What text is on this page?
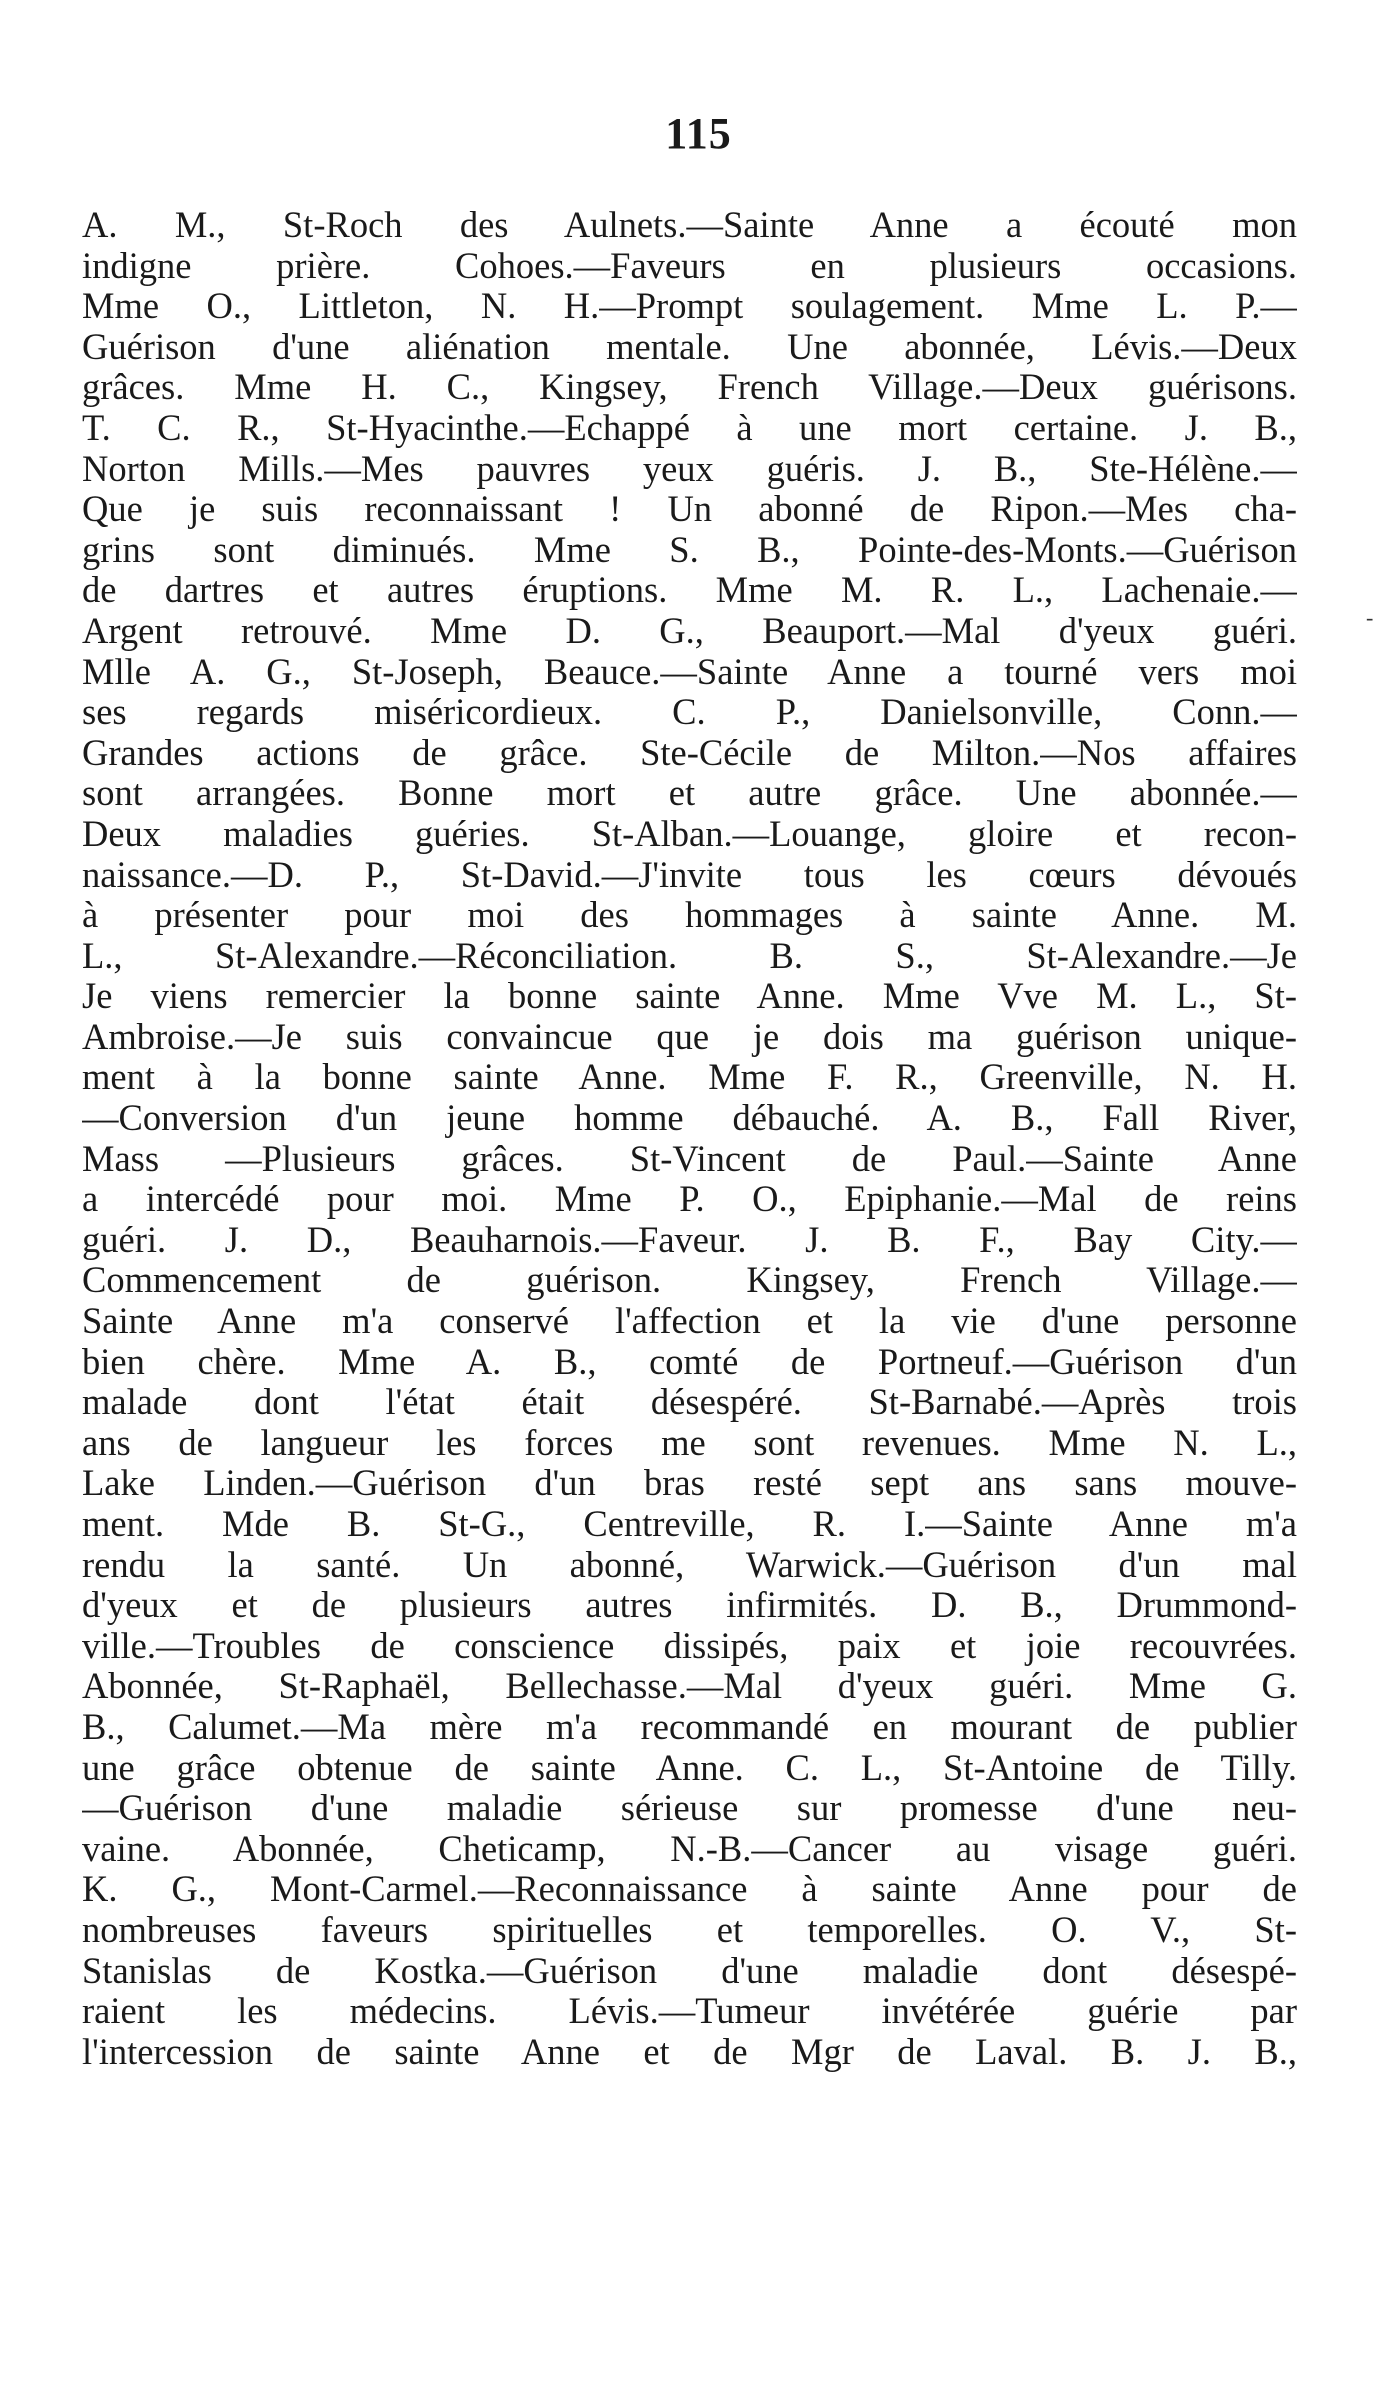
115
-
A. M., St-Roch des Aulnets.—Sainte Anne a écouté mon
indigne prière. Cohoes.—Faveurs en plusieurs occasions.
Mme O., Littleton, N. H.—Prompt soulagement. Mme L. P.—
Guérison d'une aliénation mentale. Une abonnée, Lévis.—Deux
grâces. Mme H. C., Kingsey, French Village.—Deux guérisons.
T. C. R., St-Hyacinthe.—Echappé à une mort certaine. J. B.,
Norton Mills.—Mes pauvres yeux guéris. J. B., Ste-Hélène.—
Que je suis reconnaissant ! Un abonné de Ripon.—Mes cha-
grins sont diminués. Mme S. B., Pointe-des-Monts.—Guérison
de dartres et autres éruptions. Mme M. R. L., Lachenaie.—
Argent retrouvé. Mme D. G., Beauport.—Mal d'yeux guéri.
Mlle A. G., St-Joseph, Beauce.—Sainte Anne a tourné vers moi
ses regards miséricordieux. C. P., Danielsonville, Conn.—
Grandes actions de grâce. Ste-Cécile de Milton.—Nos affaires
sont arrangées. Bonne mort et autre grâce. Une abonnée.—
Deux maladies guéries. St-Alban.—Louange, gloire et recon-
naissance.—D. P., St-David.—J'invite tous les cœurs dévoués
à présenter pour moi des hommages à sainte Anne. M.
L., St-Alexandre.—Réconciliation. B. S., St-Alexandre.—Je
Je viens remercier la bonne sainte Anne. Mme Vve M. L., St-
Ambroise.—Je suis convaincue que je dois ma guérison unique-
ment à la bonne sainte Anne. Mme F. R., Greenville, N. H.
—Conversion d'un jeune homme débauché. A. B., Fall River,
Mass —Plusieurs grâces. St-Vincent de Paul.—Sainte Anne
a intercédé pour moi. Mme P. O., Epiphanie.—Mal de reins
guéri. J. D., Beauharnois.—Faveur. J. B. F., Bay City.—
Commencement de guérison. Kingsey, French Village.—
Sainte Anne m'a conservé l'affection et la vie d'une personne
bien chère. Mme A. B., comté de Portneuf.—Guérison d'un
malade dont l'état était désespéré. St-Barnabé.—Après trois
ans de langueur les forces me sont revenues. Mme N. L.,
Lake Linden.—Guérison d'un bras resté sept ans sans mouve-
ment. Mde B. St-G., Centreville, R. I.—Sainte Anne m'a
rendu la santé. Un abonné, Warwick.—Guérison d'un mal
d'yeux et de plusieurs autres infirmités. D. B., Drummond-
ville.—Troubles de conscience dissipés, paix et joie recouvrées.
Abonnée, St-Raphaël, Bellechasse.—Mal d'yeux guéri. Mme G.
B., Calumet.—Ma mère m'a recommandé en mourant de publier
une grâce obtenue de sainte Anne. C. L., St-Antoine de Tilly.
—Guérison d'une maladie sérieuse sur promesse d'une neu-
vaine. Abonnée, Cheticamp, N.-B.—Cancer au visage guéri.
K. G., Mont-Carmel.—Reconnaissance à sainte Anne pour de
nombreuses faveurs spirituelles et temporelles. O. V., St-
Stanislas de Kostka.—Guérison d'une maladie dont désespé-
raient les médecins. Lévis.—Tumeur invétérée guérie par
l'intercession de sainte Anne et de Mgr de Laval. B. J. B.,
